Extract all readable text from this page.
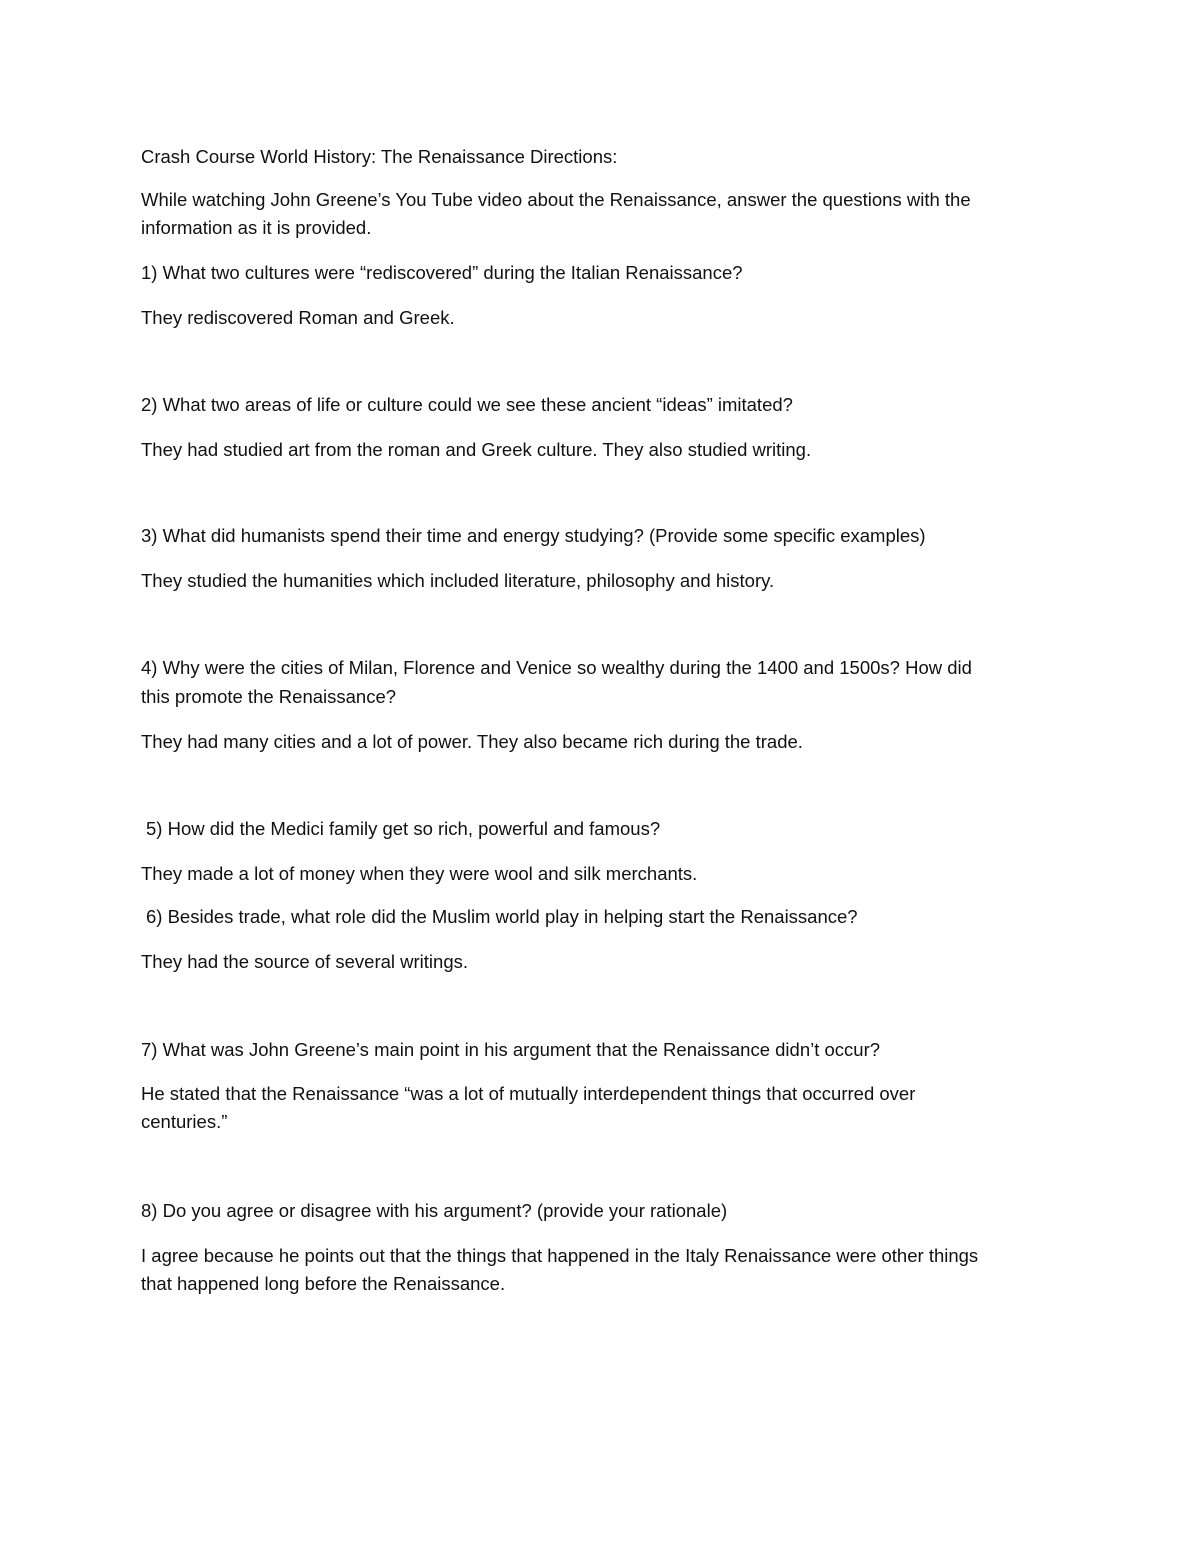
Crash Course World History: The Renaissance Directions:
While watching John Greene’s You Tube video about the Renaissance, answer the questions with the
information as it is provided.
1) What two cultures were “rediscovered” during the Italian Renaissance?
They rediscovered Roman and Greek.
2) What two areas of life or culture could we see these ancient “ideas” imitated?
They had studied art from the roman and Greek culture. They also studied writing.
3) What did humanists spend their time and energy studying? (Provide some specific examples)
They studied the humanities which included literature, philosophy and history.
4) Why were the cities of Milan, Florence and Venice so wealthy during the 1400 and 1500s? How did
this promote the Renaissance?
They had many cities and a lot of power. They also became rich during the trade.
5) How did the Medici family get so rich, powerful and famous?
They made a lot of money when they were wool and silk merchants.
6) Besides trade, what role did the Muslim world play in helping start the Renaissance?
They had the source of several writings.
7) What was John Greene’s main point in his argument that the Renaissance didn’t occur?
He stated that the Renaissance “was a lot of mutually interdependent things that occurred over
centuries.”
8) Do you agree or disagree with his argument? (provide your rationale)
I agree because he points out that the things that happened in the Italy Renaissance were other things
that happened long before the Renaissance.
